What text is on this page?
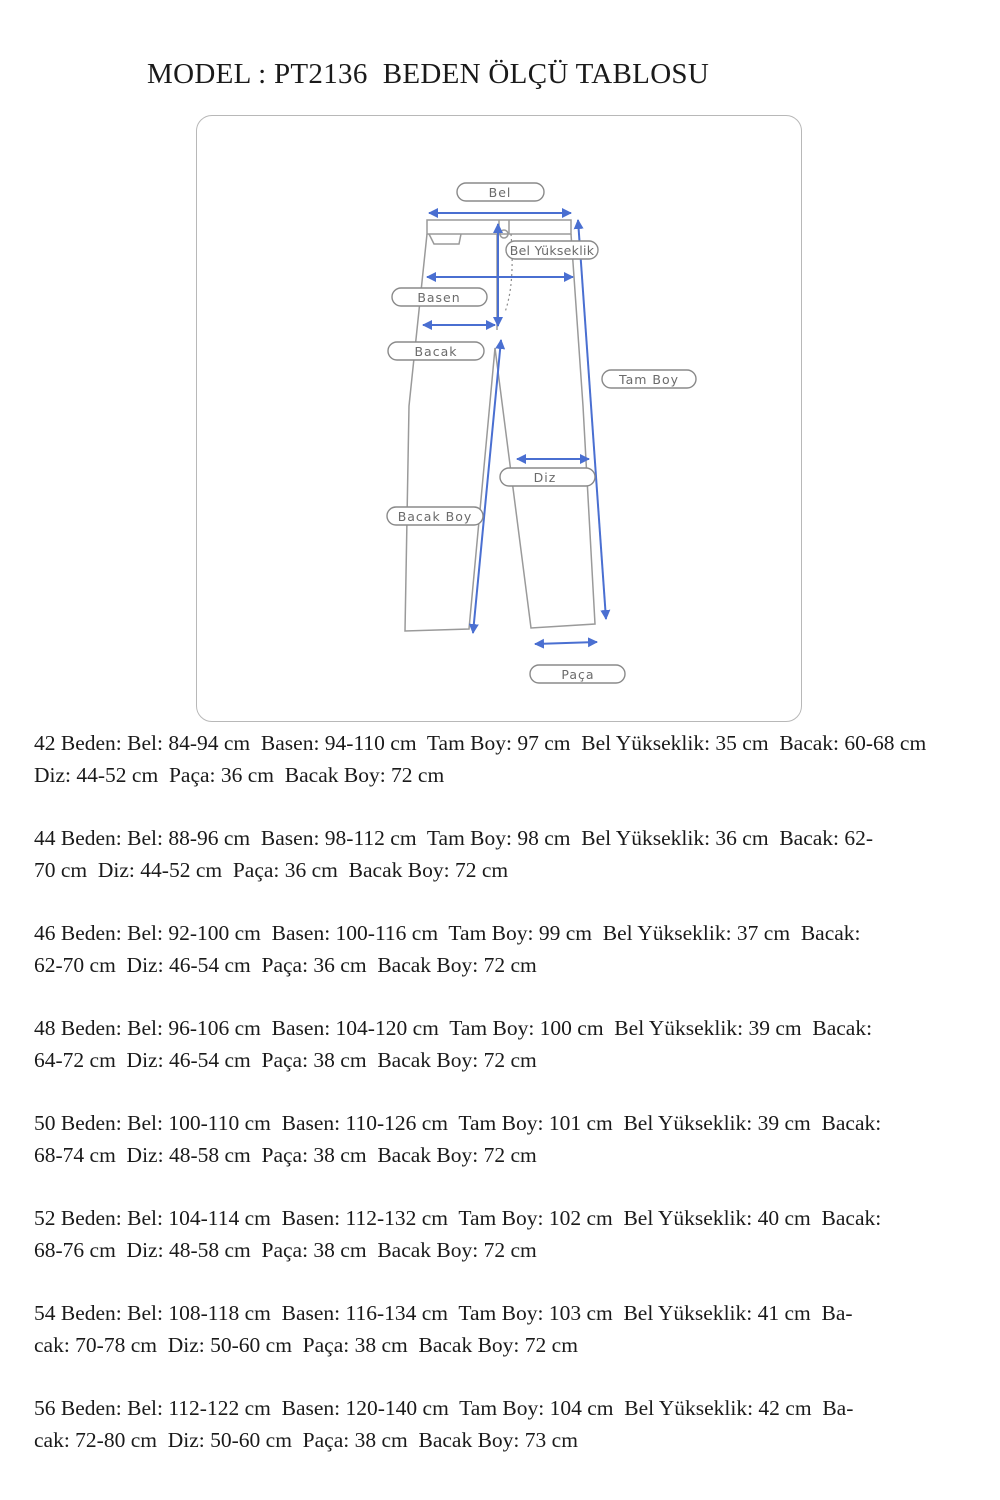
MODEL : PT2136  BEDEN ÖLÇÜ TABLOSU
Bel
Bel Yükseklik
Basen
Bacak
Tam Boy
Diz
Bacak Boy
Paça
42 Beden: Bel: 84-94 cm  Basen: 94-110 cm  Tam Boy: 97 cm  Bel Yükseklik: 35 cm  Bacak: 60-68 cm
Diz: 44-52 cm  Paça: 36 cm  Bacak Boy: 72 cm
44 Beden: Bel: 88-96 cm  Basen: 98-112 cm  Tam Boy: 98 cm  Bel Yükseklik: 36 cm  Bacak: 62-
70 cm  Diz: 44-52 cm  Paça: 36 cm  Bacak Boy: 72 cm
46 Beden: Bel: 92-100 cm  Basen: 100-116 cm  Tam Boy: 99 cm  Bel Yükseklik: 37 cm  Bacak:
62-70 cm  Diz: 46-54 cm  Paça: 36 cm  Bacak Boy: 72 cm
48 Beden: Bel: 96-106 cm  Basen: 104-120 cm  Tam Boy: 100 cm  Bel Yükseklik: 39 cm  Bacak:
64-72 cm  Diz: 46-54 cm  Paça: 38 cm  Bacak Boy: 72 cm
50 Beden: Bel: 100-110 cm  Basen: 110-126 cm  Tam Boy: 101 cm  Bel Yükseklik: 39 cm  Bacak:
68-74 cm  Diz: 48-58 cm  Paça: 38 cm  Bacak Boy: 72 cm
52 Beden: Bel: 104-114 cm  Basen: 112-132 cm  Tam Boy: 102 cm  Bel Yükseklik: 40 cm  Bacak:
68-76 cm  Diz: 48-58 cm  Paça: 38 cm  Bacak Boy: 72 cm
54 Beden: Bel: 108-118 cm  Basen: 116-134 cm  Tam Boy: 103 cm  Bel Yükseklik: 41 cm  Ba-
cak: 70-78 cm  Diz: 50-60 cm  Paça: 38 cm  Bacak Boy: 72 cm
56 Beden: Bel: 112-122 cm  Basen: 120-140 cm  Tam Boy: 104 cm  Bel Yükseklik: 42 cm  Ba-
cak: 72-80 cm  Diz: 50-60 cm  Paça: 38 cm  Bacak Boy: 73 cm
